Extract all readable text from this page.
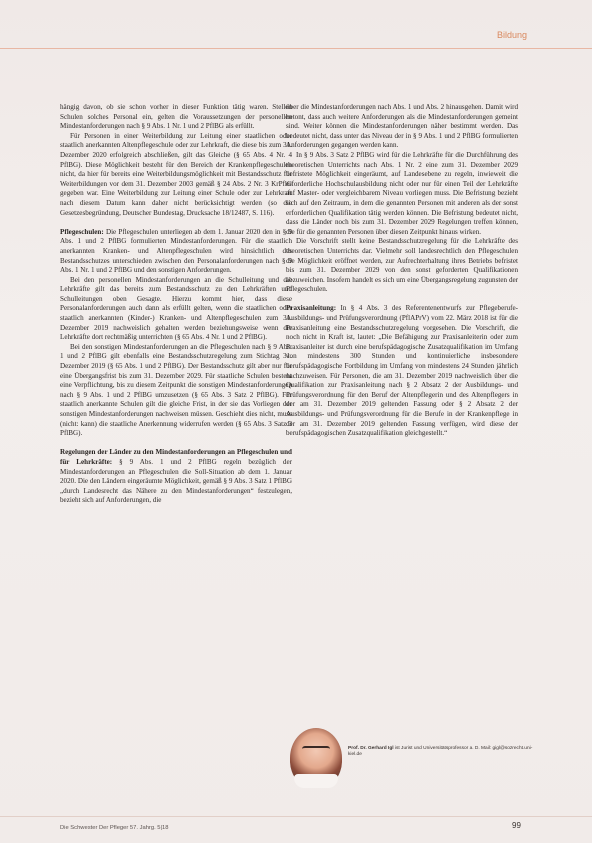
Bildung

hängig davon, ob sie schon vorher in dieser Funktion tätig waren. Stellen Schulen solches Personal ein, gelten die Voraussetzungen der personellen Mindestanforderungen nach § 9 Abs. 1 Nr. 1 und 2 PflBG als erfüllt.

Für Personen in einer Weiterbildung zur Leitung einer staatlichen oder staatlich anerkannten Altenpflegeschule oder zur Lehrkraft, die diese bis zum 31. Dezember 2020 erfolgreich abschließen, gilt das Gleiche (§ 65 Abs. 4 Nr. 4 PflBG). Diese Möglichkeit besteht für den Bereich der Krankenpflegeschulen nicht, da hier für bereits eine Weiterbildungsmöglichkeit mit Bestandsschutz für Weiterbildungen vor dem 31. Dezember 2003 gemäß § 24 Abs. 2 Nr. 3 KrPflG gegeben war. Eine Weiterbildung zur Leitung einer Schule oder zur Lehrkraft nach diesem Datum kann daher nicht berücksichtigt werden (so die Gesetzesbegründung, Deutscher Bundestag, Drucksache 18/12487, S. 116).

Pflegeschulen: Die Pflegeschulen unterliegen ab dem 1. Januar 2020 den in § 9 Abs. 1 und 2 PflBG formulierten Mindestanforderungen. Für die staatlich anerkannten Kranken- und Altenpflegeschulen wird hinsichtlich des Bestandsschutzes unterschieden zwischen den Personalanforderungen nach § 9 Abs. 1 Nr. 1 und 2 PflBG und den sonstigen Anforderungen.

Bei den personellen Mindestanforderungen an die Schulleitung und die Lehrkräfte gilt das bereits zum Bestandsschutz zu den Lehrkräften und Schulleitungen oben Gesagte. Hierzu kommt hier, dass diese Personalanforderungen auch dann als erfüllt gelten, wenn die staatlichen oder staatlich anerkannten (Kinder-) Kranken- und Altenpflegeschulen zum 31. Dezember 2019 nachweislich gehalten werden beziehungsweise wenn die Lehrkräfte dort rechtmäßig unterrichten (§ 65 Abs. 4 Nr. 1 und 2 PflBG).

Bei den sonstigen Mindestanforderungen an die Pflegeschulen nach § 9 Abs. 1 und 2 PflBG gilt ebenfalls eine Bestandsschutzregelung zum Stichtag 31. Dezember 2019 (§ 65 Abs. 1 und 2 PflBG). Der Bestandsschutz gilt aber nur für eine Übergangsfrist bis zum 31. Dezember 2029. Für staatliche Schulen besteht eine Verpflichtung, bis zu diesem Zeitpunkt die sonstigen Mindestanforderungen nach § 9 Abs. 1 und 2 PflBG umzusetzen (§ 65 Abs. 3 Satz 2 PflBG). Für staatlich anerkannte Schulen gilt die gleiche Frist, in der sie das Vorliegen der sonstigen Mindestanforderungen nachweisen müssen. Geschieht dies nicht, muss (nicht: kann) die staatliche Anerkennung widerrufen werden (§ 65 Abs. 3 Satz 3 PflBG).

Regelungen der Länder zu den Mindestanforderungen an Pflegeschulen und für Lehrkräfte: § 9 Abs. 1 und 2 PflBG regeln bezüglich der Mindestanforderungen an Pflegeschulen die Soll-Situation ab dem 1. Januar 2020. Die den Ländern eingeräumte Möglichkeit, gemäß § 9 Abs. 3 Satz 1 PflBG „durch Landesrecht das Nähere zu den Mindestanforderungen“ festzulegen, bezieht sich auf Anforderungen, die

über die Mindestanforderungen nach Abs. 1 und Abs. 2 hinausgehen. Damit wird betont, dass auch weitere Anforderungen als die Mindestanforderungen gemeint sind. Weiter können die Mindestanforderungen näher bestimmt werden. Das bedeutet nicht, dass unter das Niveau der in § 9 Abs. 1 und 2 PflBG formulierten Anforderungen gegangen werden kann.

In § 9 Abs. 3 Satz 2 PflBG wird für die Lehrkräfte für die Durchführung des theoretischen Unterrichts nach Abs. 1 Nr. 2 eine zum 31. Dezember 2029 befristete Möglichkeit eingeräumt, auf Landesebene zu regeln, inwieweit die erforderliche Hochschulausbildung nicht oder nur für einen Teil der Lehrkräfte auf Master- oder vergleichbarem Niveau vorliegen muss. Die Befristung bezieht sich auf den Zeitraum, in dem die genannten Personen mit anderen als der sonst erforderlichen Qualifikation tätig werden können. Die Befristung bedeutet nicht, dass die Länder noch bis zum 31. Dezember 2029 Regelungen treffen können, die für die genannten Personen über diesen Zeitpunkt hinaus wirken.

Die Vorschrift stellt keine Bestandsschutzregelung für die Lehrkräfte des theoretischen Unterrichts dar. Vielmehr soll landesrechtlich den Pflegeschulen die Möglichkeit eröffnet werden, zur Aufrechterhaltung ihres Betriebs befristet bis zum 31. Dezember 2029 von den sonst geforderten Qualifikationen abzuweichen. Insofern handelt es sich um eine Übergangsregelung zugunsten der Pflegeschulen.

Praxisanleitung: In § 4 Abs. 3 des Referentenentwurfs zur Pflegeberufe-Ausbildungs- und Prüfungsverordnung (PflAPrV) vom 22. März 2018 ist für die Praxisanleitung eine Bestandsschutzregelung vorgesehen. Die Vorschrift, die noch nicht in Kraft ist, lautet: „Die Befähigung zur Praxisanleiterin oder zum Praxisanleiter ist durch eine berufspädagogische Zusatzqualifikation im Umfang von mindestens 300 Stunden und kontinuierliche insbesondere berufspädagogische Fortbildung im Umfang von mindestens 24 Stunden jährlich nachzuweisen. Für Personen, die am 31. Dezember 2019 nachweislich über die Qualifikation zur Praxisanleitung nach § 2 Absatz 2 der Ausbildungs- und Prüfungsverordnung für den Beruf der Altenpflegerin und des Altenpflegers in der am 31. Dezember 2019 geltenden Fassung oder § 2 Absatz 2 der Ausbildungs- und Prüfungsverordnung für die Berufe in der Krankenpflege in der am 31. Dezember 2019 geltenden Fassung verfügen, wird diese der berufspädagogischen Zusatzqualifikation gleichgestellt.“

Prof. Dr. Gerhard Igl ist Jurist und Universitätsprofessor a. D. Mail: gigl@sozrecht.uni-kiel.de
Die Schwester Der Pfleger 57. Jahrg. 5|18	99
